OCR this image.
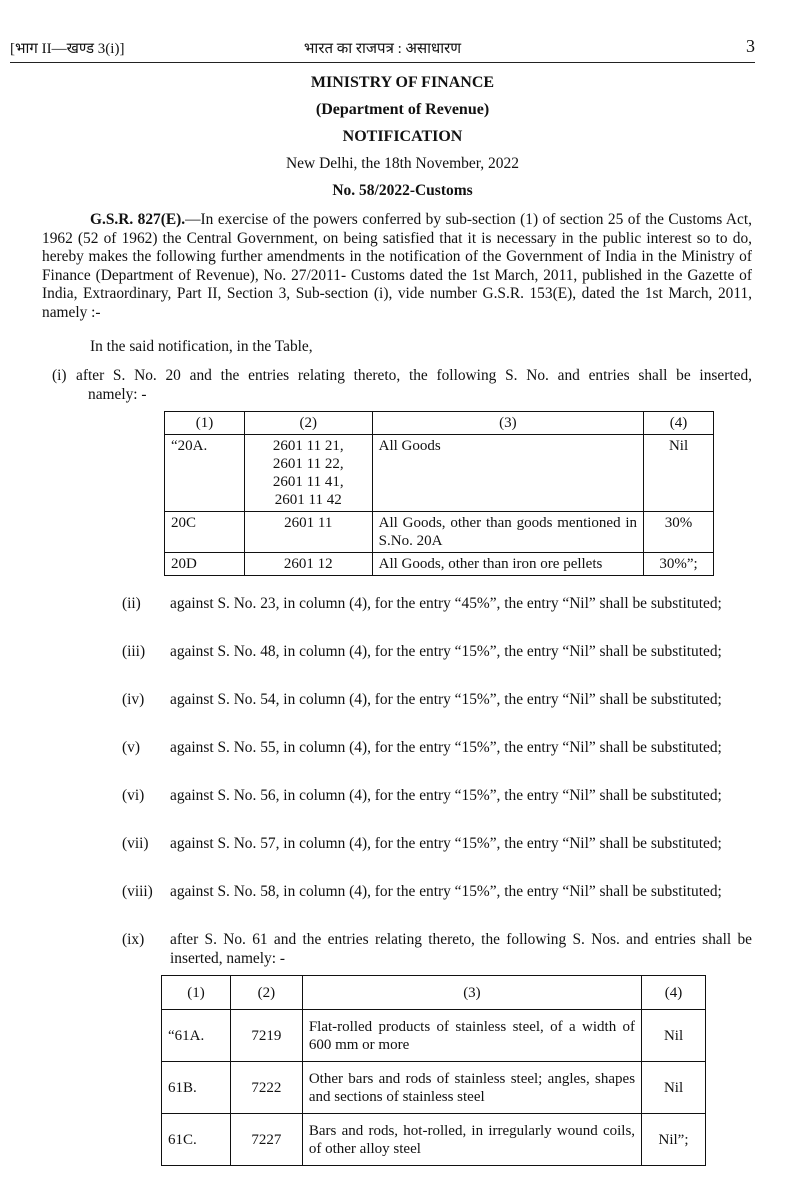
[भाग II—खण्ड 3(i)]	भारत का राजपत्र : असाधारण	3
MINISTRY OF FINANCE
(Department of Revenue)
NOTIFICATION
New Delhi, the 18th November, 2022
No. 58/2022-Customs

G.S.R. 827(E).—In exercise of the powers conferred by sub-section (1) of section 25 of the Customs Act, 1962 (52 of 1962) the Central Government, on being satisfied that it is necessary in the public interest so to do, hereby makes the following further amendments in the notification of the Government of India in the Ministry of Finance (Department of Revenue), No. 27/2011- Customs dated the 1st March, 2011, published in the Gazette of India, Extraordinary, Part II, Section 3, Sub-section (i), vide number G.S.R. 153(E), dated the 1st March, 2011, namely :-

In the said notification, in the Table,
(i) after S. No. 20 and the entries relating thereto, the following S. No. and entries shall be inserted,
namely: -
(1)	(2)	(3)	(4)
“20A.	2601 11 21,
2601 11 22,
2601 11 41,
2601 11 42	All Goods	Nil
20C	2601 11	All Goods, other than goods mentioned in S.No. 20A	30%
20D	2601 12	All Goods, other than iron ore pellets	30%”;
(ii) against S. No. 23, in column (4), for the entry “45%”, the entry “Nil” shall be substituted;

(iii) against S. No. 48, in column (4), for the entry “15%”, the entry “Nil” shall be substituted;

(iv) against S. No. 54, in column (4), for the entry “15%”, the entry “Nil” shall be substituted;

(v) against S. No. 55, in column (4), for the entry “15%”, the entry “Nil” shall be substituted;

(vi) against S. No. 56, in column (4), for the entry “15%”, the entry “Nil” shall be substituted;

(vii) against S. No. 57, in column (4), for the entry “15%”, the entry “Nil” shall be substituted;

(viii) against S. No. 58, in column (4), for the entry “15%”, the entry “Nil” shall be substituted;

(ix) after S. No. 61 and the entries relating thereto, the following S. Nos. and entries shall be inserted, namely: -

(1)	(2)	(3)	(4)
“61A.	7219	Flat-rolled products of stainless steel, of a width of 600 mm or more	Nil
61B.	7222	Other bars and rods of stainless steel; angles, shapes and sections of stainless steel	Nil
61C.	7227	Bars and rods, hot-rolled, in irregularly wound coils, of other alloy steel	Nil”;
